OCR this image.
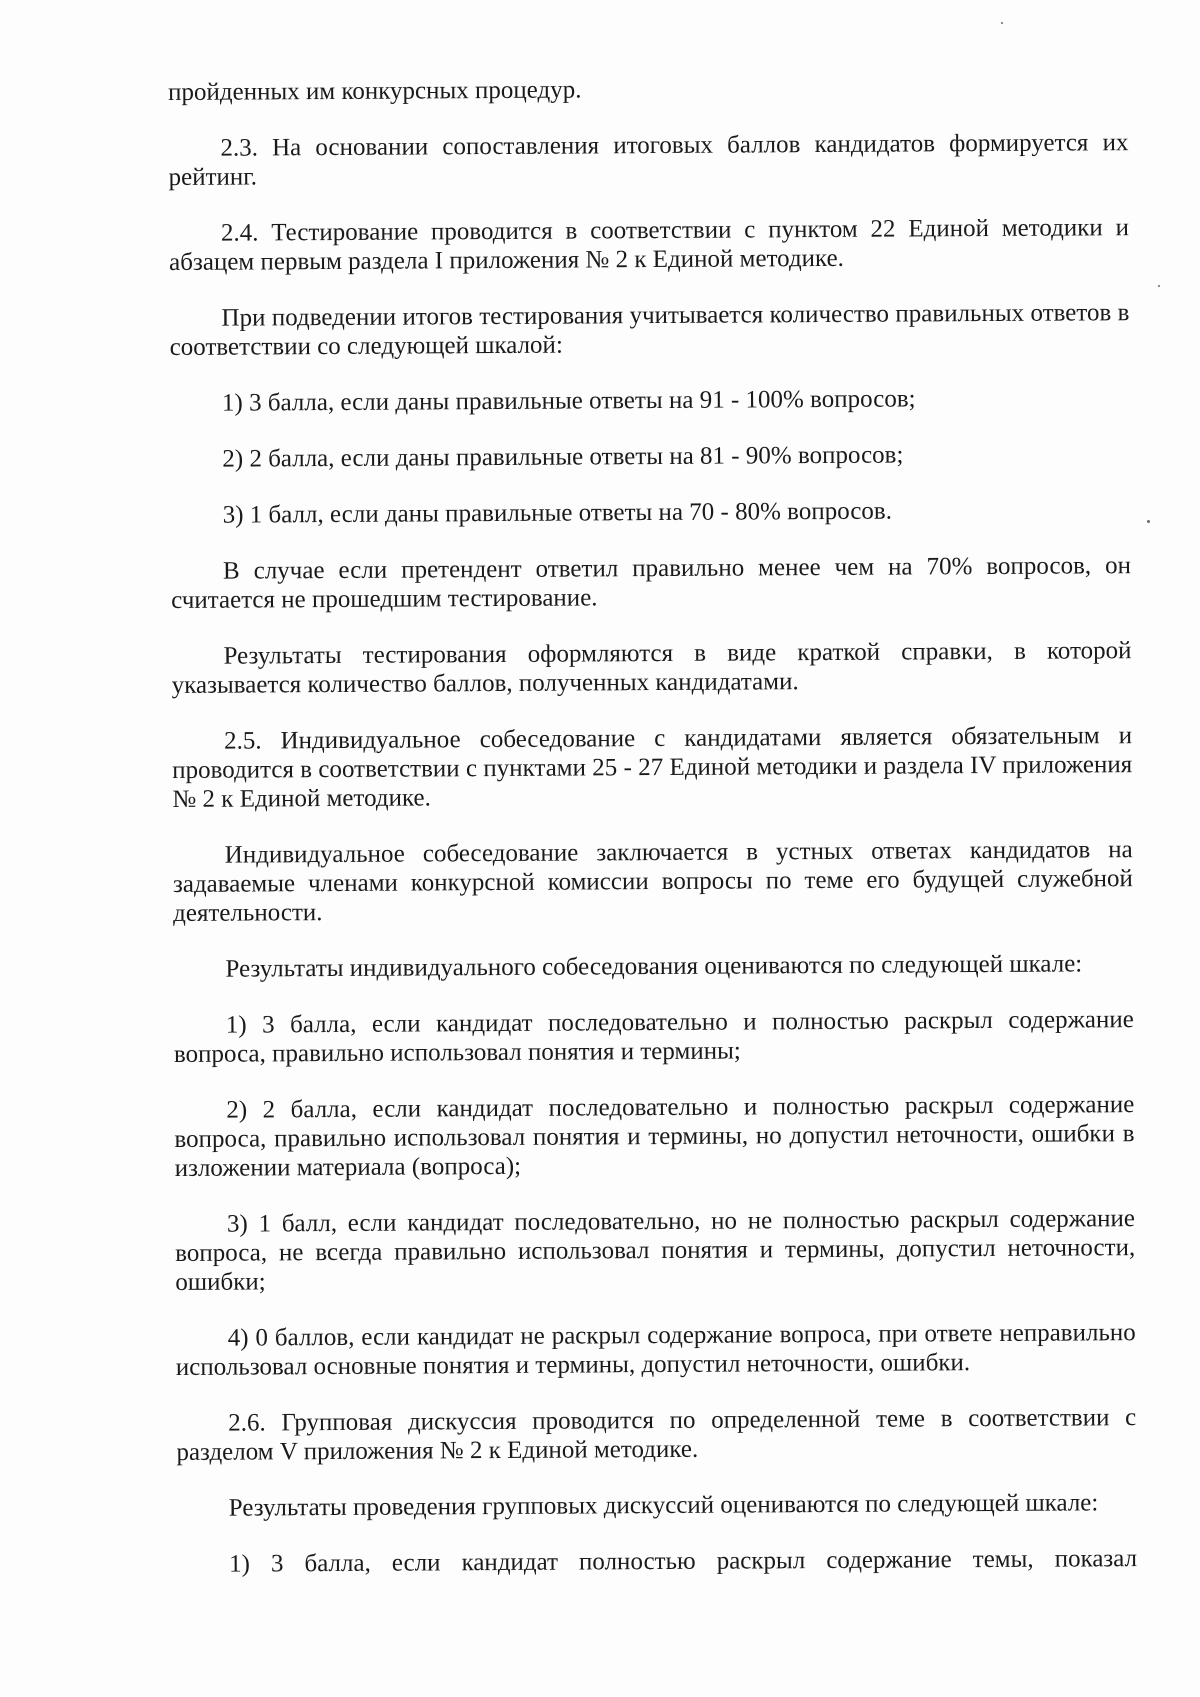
пройденных им конкурсных процедур.

2.3. На основании сопоставления итоговых баллов кандидатов формируется их рейтинг.

2.4. Тестирование проводится в соответствии с пунктом 22 Единой методики и абзацем первым раздела I приложения № 2 к Единой методике.

При подведении итогов тестирования учитывается количество правильных ответов в соответствии со следующей шкалой:

1) 3 балла, если даны правильные ответы на 91 - 100% вопросов;

2) 2 балла, если даны правильные ответы на 81 - 90% вопросов;

3) 1 балл, если даны правильные ответы на 70 - 80% вопросов.

В случае если претендент ответил правильно менее чем на 70% вопросов, он считается не прошедшим тестирование.

Результаты тестирования оформляются в виде краткой справки, в которой указывается количество баллов, полученных кандидатами.

2.5. Индивидуальное собеседование с кандидатами является обязательным и проводится в соответствии с пунктами 25 - 27 Единой методики и раздела IV приложения № 2 к Единой методике.

Индивидуальное собеседование заключается в устных ответах кандидатов на задаваемые членами конкурсной комиссии вопросы по теме его будущей служебной деятельности.

Результаты индивидуального собеседования оцениваются по следующей шкале:

1) 3 балла, если кандидат последовательно и полностью раскрыл содержание вопроса, правильно использовал понятия и термины;

2) 2 балла, если кандидат последовательно и полностью раскрыл содержание вопроса, правильно использовал понятия и термины, но допустил неточности, ошибки в изложении материала (вопроса);

3) 1 балл, если кандидат последовательно, но не полностью раскрыл содержание вопроса, не всегда правильно использовал понятия и термины, допустил неточности, ошибки;

4) 0 баллов, если кандидат не раскрыл содержание вопроса, при ответе неправильно использовал основные понятия и термины, допустил неточности, ошибки.

2.6. Групповая дискуссия проводится по определенной теме в соответствии с разделом V приложения № 2 к Единой методике.

Результаты проведения групповых дискуссий оцениваются по следующей шкале:

1) 3 балла, если кандидат полностью раскрыл содержание темы, показал
